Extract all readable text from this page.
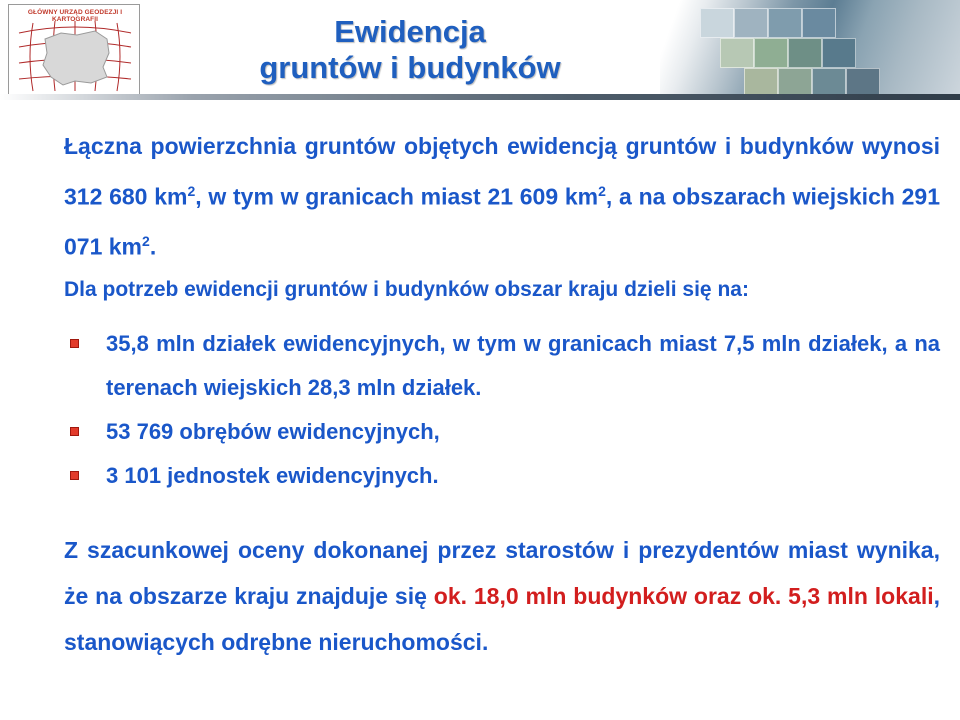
GŁÓWNY URZĄD GEODEZJI I KARTOGRAFII	Ewidencja
gruntów i budynków
Łączna powierzchnia gruntów objętych ewidencją gruntów i budynków wynosi 312 680 $km^2$, w tym w granicach miast 21 609 $km^2$, a na obszarach wiejskich 291 071 $km^2$.
Dla potrzeb ewidencji gruntów i budynków obszar kraju dzieli się na:
35,8 mln działek ewidencyjnych, w tym w granicach miast 7,5 mln działek, a na terenach wiejskich 28,3 mln działek.
53 769 obrębów ewidencyjnych,
3 101 jednostek ewidencyjnych.
Z szacunkowej oceny dokonanej przez starostów i prezydentów miast wynika, że na obszarze kraju znajduje się ok. 18,0 mln budynków oraz ok. 5,3 mln lokali, stanowiących odrębne nieruchomości.
